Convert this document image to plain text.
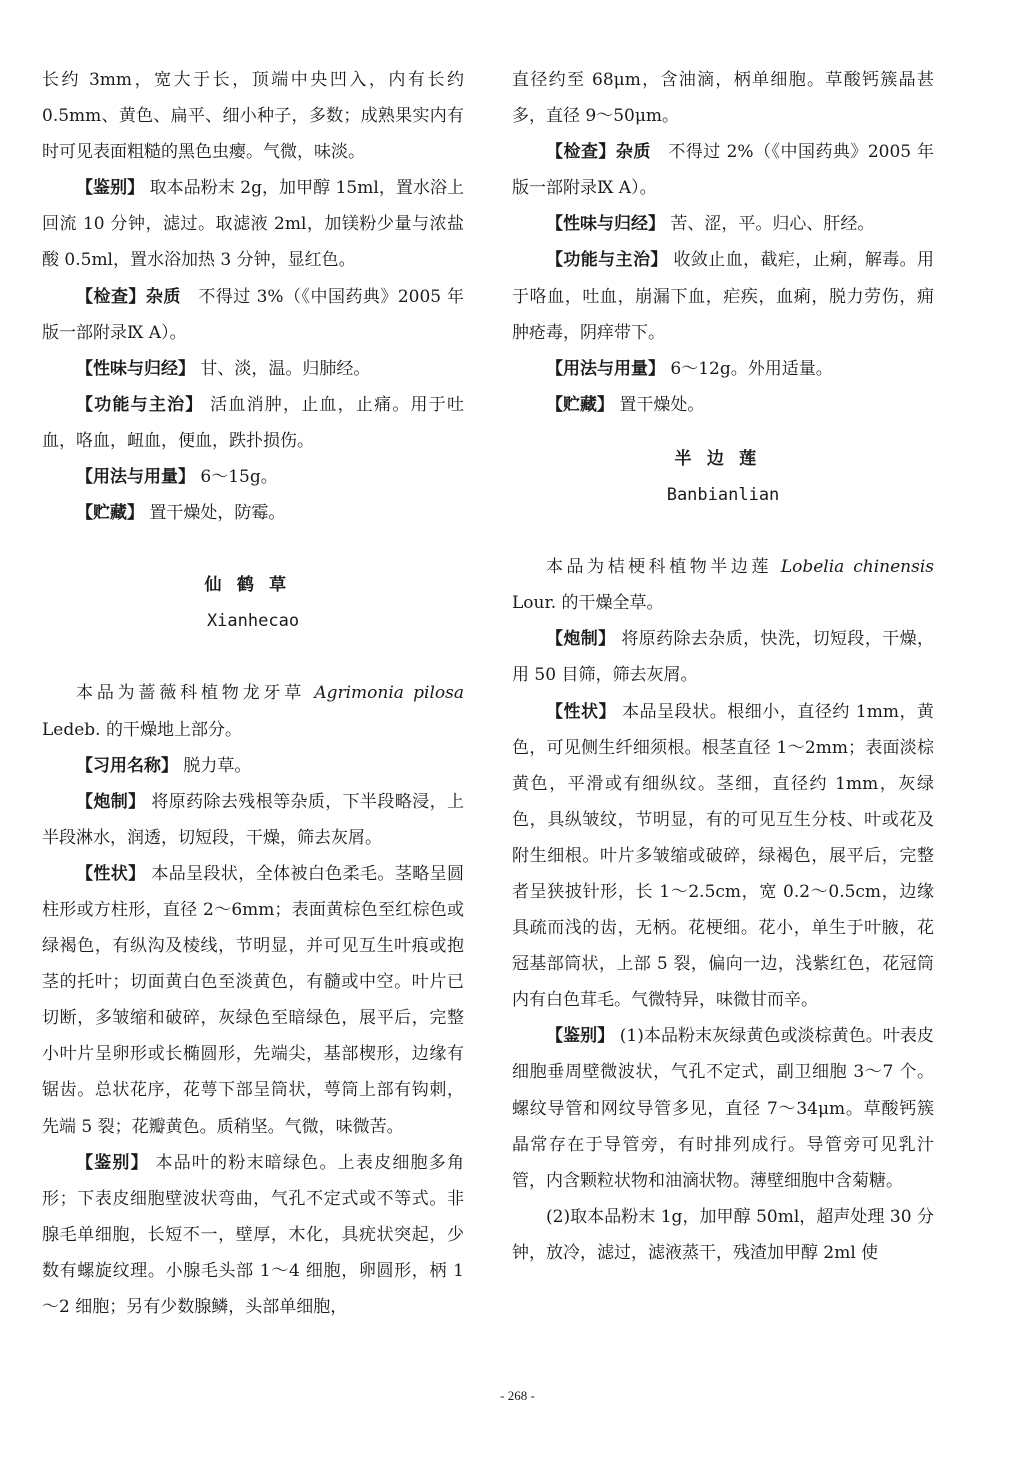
长约 3mm，宽大于长，顶端中央凹入，内有长约0.5mm、黄色、扁平、细小种子，多数；成熟果实内有时可见表面粗糙的黑色虫瘿。气微，味淡。

【鉴别】 取本品粉末 2g，加甲醇 15ml，置水浴上回流 10 分钟，滤过。取滤液 2ml，加镁粉少量与浓盐酸 0.5ml，置水浴加热 3 分钟，显红色。

【检查】杂质　不得过 3%（《中国药典》2005 年版一部附录Ⅸ A）。

【性味与归经】 甘、淡，温。归肺经。

【功能与主治】 活血消肿，止血，止痛。用于吐血，咯血，衄血，便血，跌扑损伤。

【用法与用量】 6～15g。

【贮藏】 置干燥处，防霉。

仙鹤草

Xianhecao

本品为蔷薇科植物龙牙草 Agrimonia pilosa Ledeb. 的干燥地上部分。

【习用名称】 脱力草。

【炮制】 将原药除去残根等杂质，下半段略浸，上半段淋水，润透，切短段，干燥，筛去灰屑。

【性状】 本品呈段状，全体被白色柔毛。茎略呈圆柱形或方柱形，直径 2～6mm；表面黄棕色至红棕色或绿褐色，有纵沟及棱线，节明显，并可见互生叶痕或抱茎的托叶；切面黄白色至淡黄色，有髓或中空。叶片已切断，多皱缩和破碎，灰绿色至暗绿色，展平后，完整小叶片呈卵形或长椭圆形，先端尖，基部楔形，边缘有锯齿。总状花序，花萼下部呈筒状，萼筒上部有钩刺，先端 5 裂；花瓣黄色。质稍坚。气微，味微苦。

【鉴别】 本品叶的粉末暗绿色。上表皮细胞多角形；下表皮细胞壁波状弯曲，气孔不定式或不等式。非腺毛单细胞，长短不一，壁厚，木化，具疣状突起，少数有螺旋纹理。小腺毛头部 1～4 细胞，卵圆形，柄 1～2 细胞；另有少数腺鳞，头部单细胞，

直径约至 68μm，含油滴，柄单细胞。草酸钙簇晶甚多，直径 9～50μm。

【检查】杂质　不得过 2%（《中国药典》2005 年版一部附录Ⅸ A）。

【性味与归经】 苦、涩，平。归心、肝经。

【功能与主治】 收敛止血，截疟，止痢，解毒。用于咯血，吐血，崩漏下血，疟疾，血痢，脱力劳伤，痈肿疮毒，阴痒带下。

【用法与用量】 6～12g。外用适量。

【贮藏】 置干燥处。

半边莲

Banbianlian

本品为桔梗科植物半边莲 Lobelia chinensis Lour. 的干燥全草。

【炮制】 将原药除去杂质，快洗，切短段，干燥，用 50 目筛，筛去灰屑。

【性状】 本品呈段状。根细小，直径约 1mm，黄色，可见侧生纤细须根。根茎直径 1～2mm；表面淡棕黄色，平滑或有细纵纹。茎细，直径约 1mm，灰绿色，具纵皱纹，节明显，有的可见互生分枝、叶或花及附生细根。叶片多皱缩或破碎，绿褐色，展平后，完整者呈狭披针形，长 1～2.5cm，宽 0.2～0.5cm，边缘具疏而浅的齿，无柄。花梗细。花小，单生于叶腋，花冠基部筒状，上部 5 裂，偏向一边，浅紫红色，花冠筒内有白色茸毛。气微特异，味微甘而辛。

【鉴别】 (1)本品粉末灰绿黄色或淡棕黄色。叶表皮细胞垂周壁微波状，气孔不定式，副卫细胞 3～7 个。螺纹导管和网纹导管多见，直径 7～34μm。草酸钙簇晶常存在于导管旁，有时排列成行。导管旁可见乳汁管，内含颗粒状物和油滴状物。薄壁细胞中含菊糖。

(2)取本品粉末 1g，加甲醇 50ml，超声处理 30 分钟，放冷，滤过，滤液蒸干，残渣加甲醇 2ml 使

- 268 -
